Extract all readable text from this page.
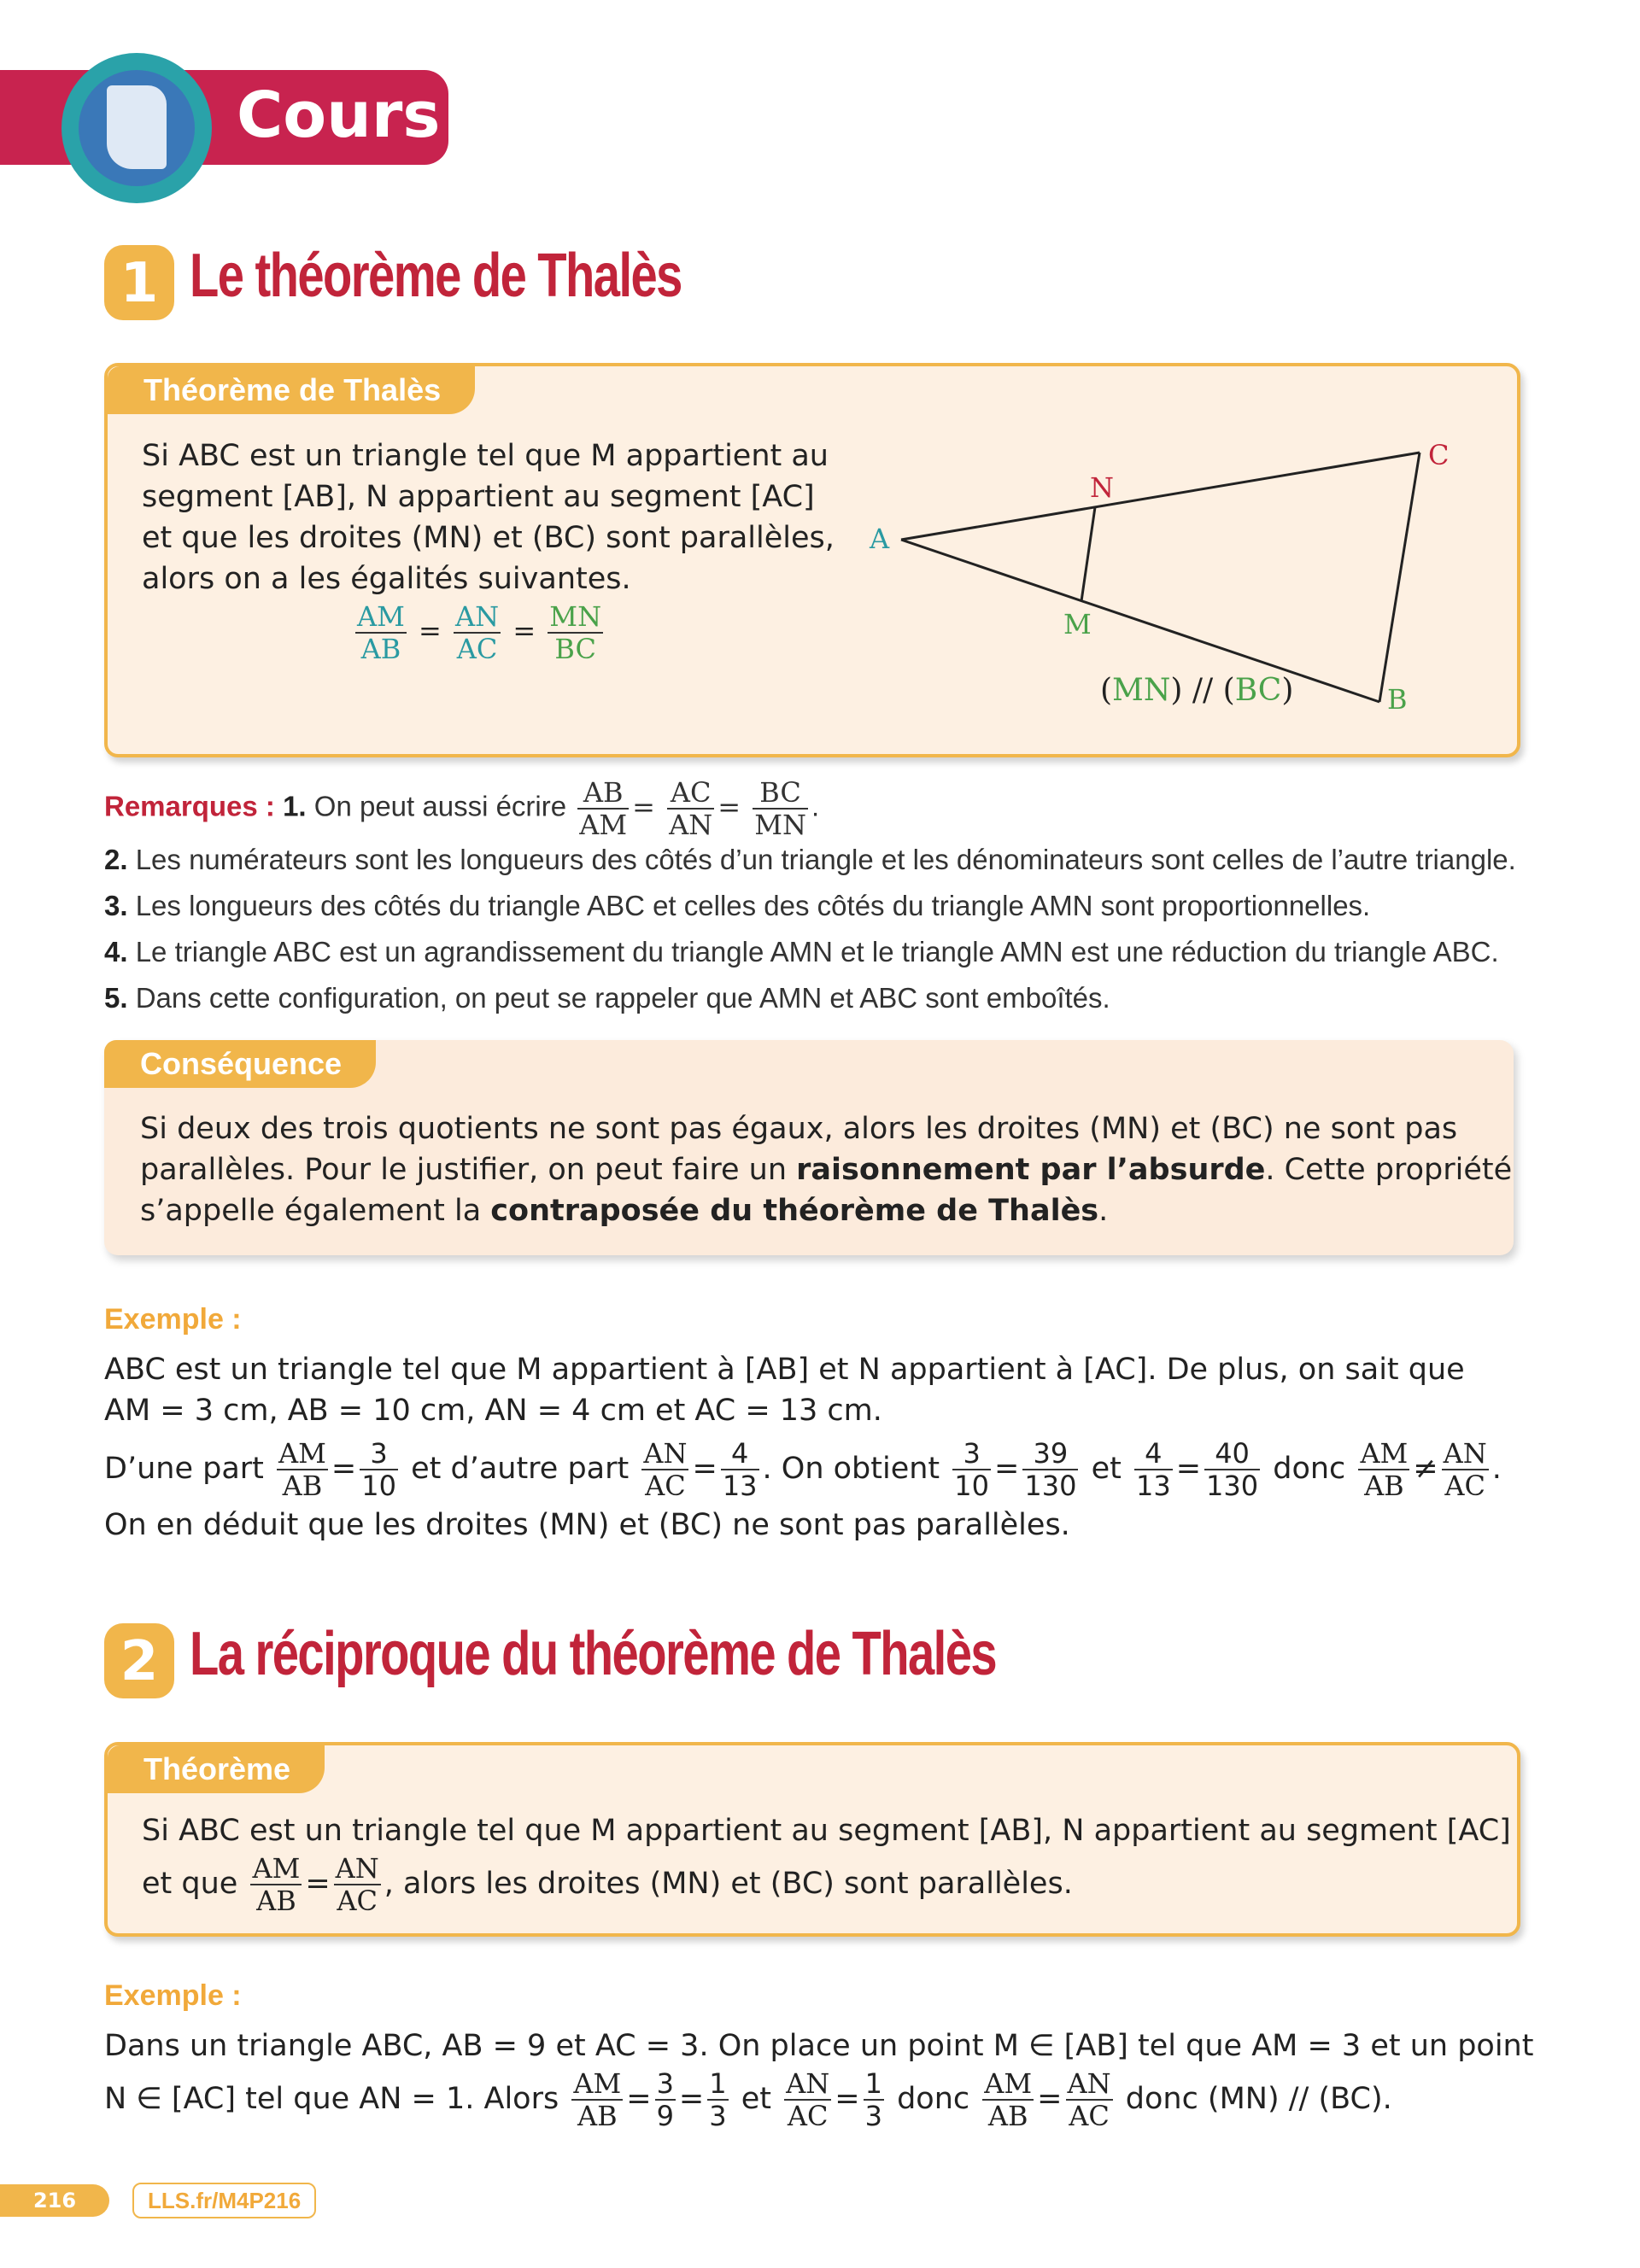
Cours
1 Le théorème de Thalès
Théorème de Thalès
Si ABC est un triangle tel que M appartient au
segment [AB], N appartient au segment [AC]
et que les droites (MN) et (BC) sont parallèles,
alors on a les égalités suivantes.
$\frac{AM}{AB} = \frac{AN}{AC} = \frac{MN}{BC}$
A
B
C
M
N
(MN) // (BC)
Remarques : 1. On peut aussi écrire $\frac{AB}{AM} = \frac{AC}{AN} = \frac{BC}{MN}$ .
2. Les numérateurs sont les longueurs des côtés d’un triangle et les dénominateurs sont celles de l’autre triangle.
3. Les longueurs des côtés du triangle ABC et celles des côtés du triangle AMN sont proportionnelles.
4. Le triangle ABC est un agrandissement du triangle AMN et le triangle AMN est une réduction du triangle ABC.
5. Dans cette configuration, on peut se rappeler que AMN et ABC sont emboîtés.
Conséquence
Si deux des trois quotients ne sont pas égaux, alors les droites (MN) et (BC) ne sont pas
parallèles. Pour le justifier, on peut faire un raisonnement par l’absurde. Cette propriété
s’appelle également la contraposée du théorème de Thalès.
Exemple :
ABC est un triangle tel que M appartient à [AB] et N appartient à [AC]. De plus, on sait que
AM = 3 cm, AB = 10 cm, AN = 4 cm et AC = 13 cm.
D’une part $\frac{AM}{AB} = \frac{3}{10}$ et d’autre part $\frac{AN}{AC} = \frac{4}{13}$ . On obtient $\frac{3}{10} = \frac{39}{130}$ et $\frac{4}{13} = \frac{40}{130}$ donc $\frac{AM}{AB} \ne \frac{AN}{AC}$ .
On en déduit que les droites (MN) et (BC) ne sont pas parallèles.
2 La réciproque du théorème de Thalès
Théorème
Si ABC est un triangle tel que M appartient au segment [AB], N appartient au segment [AC]
et que $\frac{AM}{AB} = \frac{AN}{AC}$ , alors les droites (MN) et (BC) sont parallèles.
Exemple :
Dans un triangle ABC, AB = 9 et AC = 3. On place un point M ∈ [AB] tel que AM = 3 et un point
N ∈ [AC] tel que AN = 1. Alors $\frac{AM}{AB} = \frac{3}{9} = \frac{1}{3}$ et $\frac{AN}{AC} = \frac{1}{3}$ donc $\frac{AM}{AB} = \frac{AN}{AC}$ donc (MN) // (BC).
216	LLS.fr/M4P216
